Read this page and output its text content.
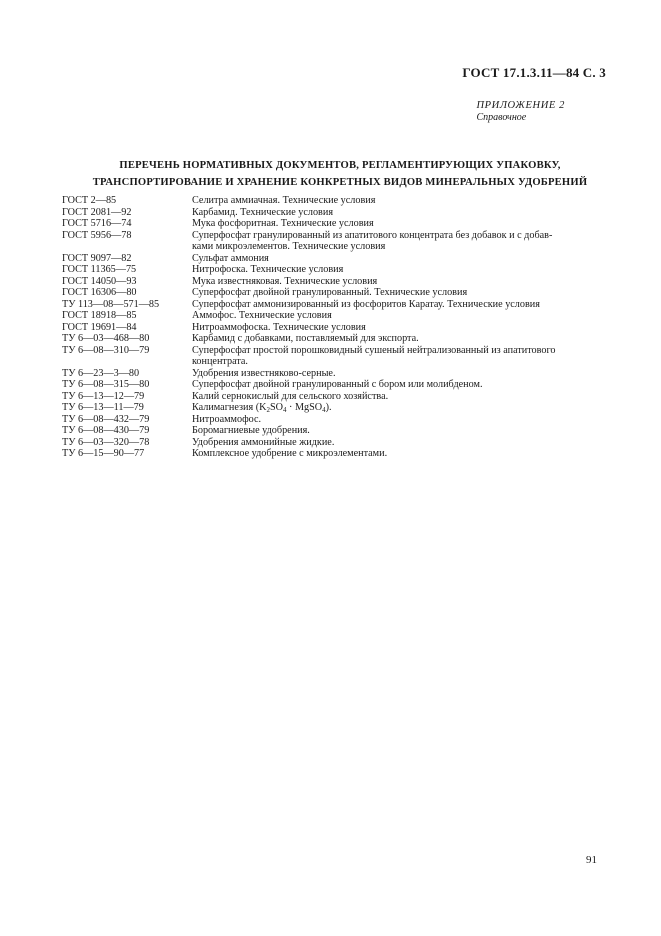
ГОСТ 17.1.3.11—84 С. 3
ПРИЛОЖЕНИЕ 2
Справочное
ПЕРЕЧЕНЬ НОРМАТИВНЫХ ДОКУМЕНТОВ, РЕГЛАМЕНТИРУЮЩИХ УПАКОВКУ,
ТРАНСПОРТИРОВАНИЕ И ХРАНЕНИЕ КОНКРЕТНЫХ ВИДОВ МИНЕРАЛЬНЫХ УДОБРЕНИЙ
ГОСТ 2—85	Селитра аммиачная. Технические условия
ГОСТ 2081—92	Карбамид. Технические условия
ГОСТ 5716—74	Мука фосфоритная. Технические условия
ГОСТ 5956—78	Суперфосфат гранулированный из апатитового концентрата без добавок и с добав-
ками микроэлементов. Технические условия
ГОСТ 9097—82	Сульфат аммония
ГОСТ 11365—75	Нитрофоска. Технические условия
ГОСТ 14050—93	Мука известняковая. Технические условия
ГОСТ 16306—80	Суперфосфат двойной гранулированный. Технические условия
ТУ 113—08—571—85	Суперфосфат аммонизированный из фосфоритов Каратау. Технические условия
ГОСТ 18918—85	Аммофос. Технические условия
ГОСТ 19691—84	Нитроаммофоска. Технические условия
ТУ 6—03—468—80	Карбамид с добавками, поставляемый для экспорта.
ТУ 6—08—310—79	Суперфосфат простой порошковидный сушеный нейтрализованный из апатитового
концентрата.
ТУ 6—23—3—80	Удобрения известняково-серные.
ТУ 6—08—315—80	Суперфосфат двойной гранулированный с бором или молибденом.
ТУ 6—13—12—79	Калий сернокислый для сельского хозяйства.
ТУ 6—13—11—79	Калимагнезия ($K_2SO_4$ · MgSO$_4$).
ТУ 6—08—432—79	Нитроаммофос.
ТУ 6—08—430—79	Боромагниевые удобрения.
ТУ 6—03—320—78	Удобрения аммонийные жидкие.
ТУ 6—15—90—77	Комплексное удобрение с микроэлементами.
91
